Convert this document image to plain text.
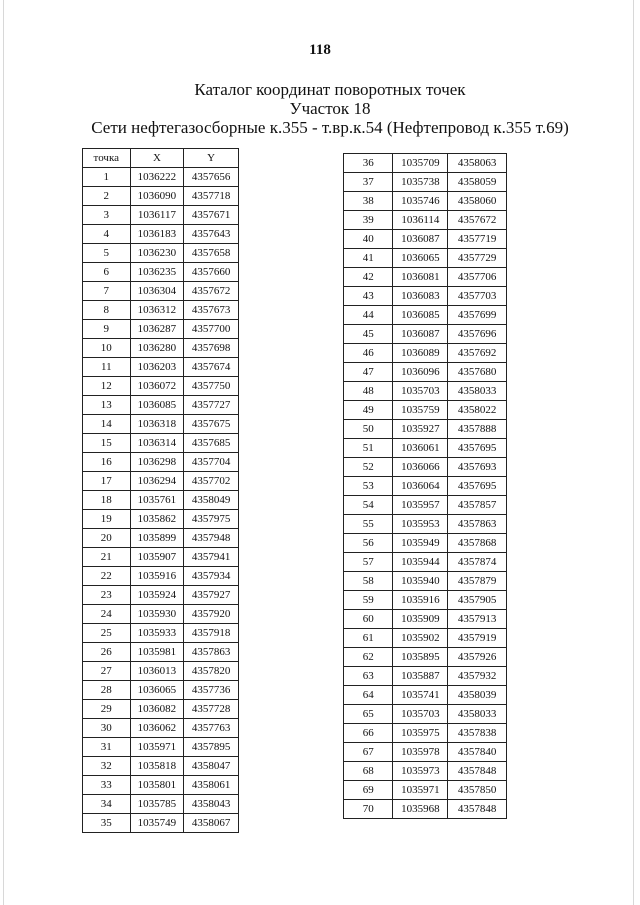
118
Каталог координат поворотных точек
Участок 18
Сети нефтегазосборные к.355 - т.вр.к.54 (Нефтепровод к.355 т.69)
точка	X	Y
1	1036222	4357656
2	1036090	4357718
3	1036117	4357671
4	1036183	4357643
5	1036230	4357658
6	1036235	4357660
7	1036304	4357672
8	1036312	4357673
9	1036287	4357700
10	1036280	4357698
11	1036203	4357674
12	1036072	4357750
13	1036085	4357727
14	1036318	4357675
15	1036314	4357685
16	1036298	4357704
17	1036294	4357702
18	1035761	4358049
19	1035862	4357975
20	1035899	4357948
21	1035907	4357941
22	1035916	4357934
23	1035924	4357927
24	1035930	4357920
25	1035933	4357918
26	1035981	4357863
27	1036013	4357820
28	1036065	4357736
29	1036082	4357728
30	1036062	4357763
31	1035971	4357895
32	1035818	4358047
33	1035801	4358061
34	1035785	4358043
35	1035749	4358067
36	1035709	4358063
37	1035738	4358059
38	1035746	4358060
39	1036114	4357672
40	1036087	4357719
41	1036065	4357729
42	1036081	4357706
43	1036083	4357703
44	1036085	4357699
45	1036087	4357696
46	1036089	4357692
47	1036096	4357680
48	1035703	4358033
49	1035759	4358022
50	1035927	4357888
51	1036061	4357695
52	1036066	4357693
53	1036064	4357695
54	1035957	4357857
55	1035953	4357863
56	1035949	4357868
57	1035944	4357874
58	1035940	4357879
59	1035916	4357905
60	1035909	4357913
61	1035902	4357919
62	1035895	4357926
63	1035887	4357932
64	1035741	4358039
65	1035703	4358033
66	1035975	4357838
67	1035978	4357840
68	1035973	4357848
69	1035971	4357850
70	1035968	4357848
